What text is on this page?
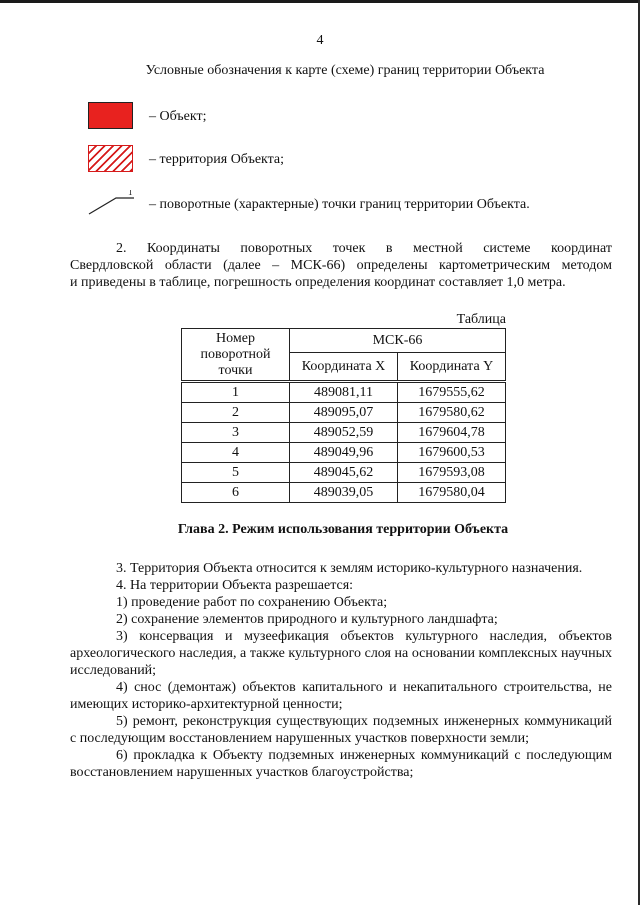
4
Условные обозначения к карте (схеме) границ территории Объекта
– Объект;
– территория Объекта;
1
– поворотные (характерные) точки границ территории Объекта.
2. Координаты поворотных точек в местной системе координат
Свердловской области (далее – МСК-66) определены картометрическим методом
и приведены в таблице, погрешность определения координат составляет 1,0 метра.
Таблица
Номер поворотной точки	МСК-66	
	Координата X	Координата Y
1	489081,11	1679555,62
2	489095,07	1679580,62
3	489052,59	1679604,78
4	489049,96	1679600,53
5	489045,62	1679593,08
6	489039,05	1679580,04
Глава 2. Режим использования территории Объекта
3. Территория Объекта относится к землям историко-культурного назначения.
4. На территории Объекта разрешается:
1) проведение работ по сохранению Объекта;
2) сохранение элементов природного и культурного ландшафта;
3) консервация и музеефикация объектов культурного наследия, объектов археологического наследия, а также культурного слоя на основании комплексных научных исследований;
4) снос (демонтаж) объектов капитального и некапитального строительства, не имеющих историко-архитектурной ценности;
5) ремонт, реконструкция существующих подземных инженерных коммуникаций с последующим восстановлением нарушенных участков поверхности земли;
6) прокладка к Объекту подземных инженерных коммуникаций с последующим восстановлением нарушенных участков благоустройства;
